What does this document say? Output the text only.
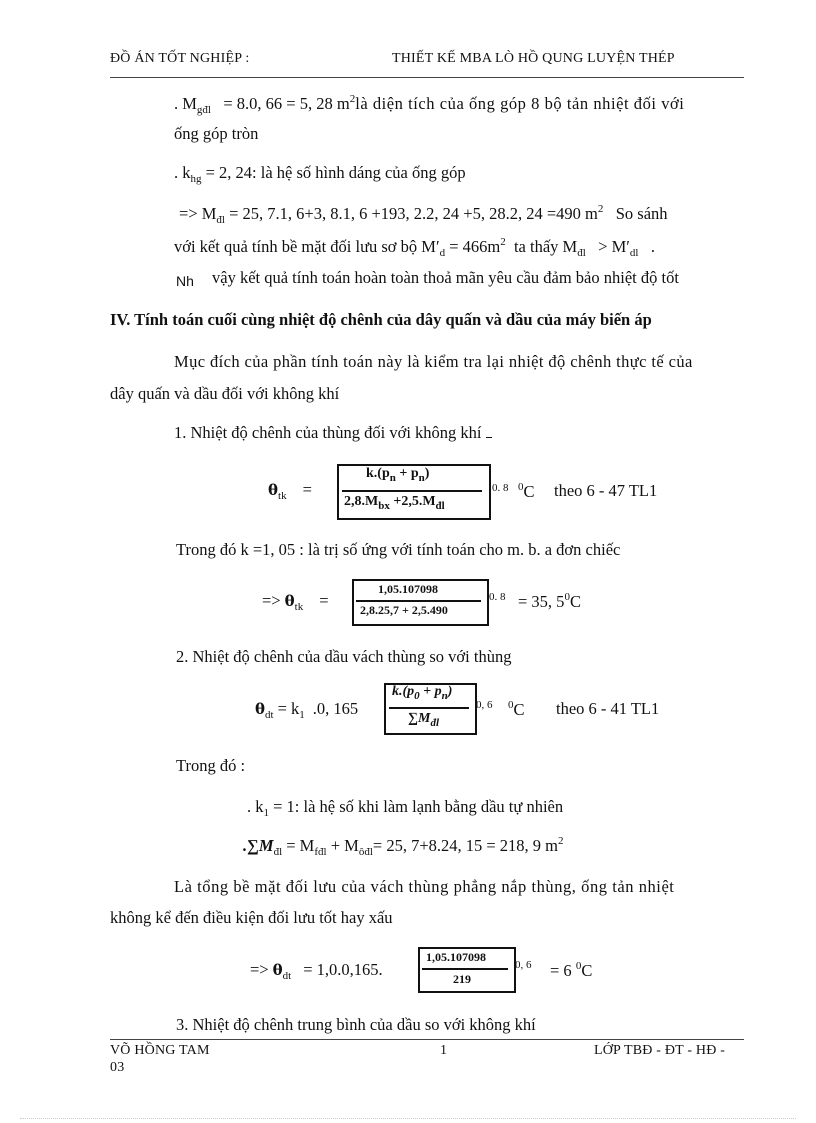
ĐỒ ÁN TỐT NGHIỆP :	THIẾT KẾ MBA LÒ HỒ QUNG LUYỆN THÉP
. $M_{gđl} = 8.0$, 66 = 5, 28 $m^2là$ diện tích của ống góp 8 bộ tản nhiệt đối với
ống góp tròn
. $k_{hg} = 2$, 24: là hệ số hình dáng của ống góp
=> $M_{đl} = 25$, 7.1, 6+3, 8.1, 6 +193, 2.2, 24 +5, 28.2, 24 =490 $m^2$ So sánh
với kết quả tính bề mặt đối lưu sơ bộ $M'_d = 466m^2$ ta thấy $M_{đl} > M'_{dl}$ .
Nh vậy kết quả tính toán hoàn toàn thoả mãn yêu cầu đảm bảo nhiệt độ tốt
IV. Tính toán cuối cùng nhiệt độ chênh của dây quấn và dầu của máy biến áp
Mục đích của phần tính toán này là kiểm tra lại nhiệt độ chênh thực tế của
dây quấn và dầu đối với không khí
1. Nhiệt độ chênh của thùng đối với không khí
$\theta_{tk}$ =
$k.(p_n + p_n)$
$2,8.M_{bx} +2,5.M_{đl}$
0. 8 $^0$C theo 6 - 47 TL1
Trong đó k =1, 05 : là trị số ứng với tính toán cho m. b. a đơn chiếc
=> $\theta_{tk}$ =
1,05.107098
2,8.25,7 + 2,5.490
0. 8 = 35, $5^0C$
2. Nhiệt độ chênh của dầu vách thùng so với thùng
$\theta_{dt} = k_1$ .0, 165
$k.(p_0 + p_n)$
$\sum M_{đl}$
0, 6 $^0$C theo 6 - 41 TL1
Trong đó :
. $k_1 = 1$: là hệ số khi làm lạnh bằng dầu tự nhiên
$.\sum M_{đl} = M_{fđl} + M_{ôđl}= 25$, 7+8.24, 15 = 218, 9 $m^2$
Là tổng bề mặt đối lưu của vách thùng phẳng nắp thùng, ống tản nhiệt
không kể đến điều kiện đối lưu tốt hay xấu
=> $\theta_{dt} = 1,0.0,165$.
1,05.107098
219
0, 6 = 6 $^0$C
3. Nhiệt độ chênh trung bình của dầu so với không khí
VÕ HỒNG TAM
03
1	LỚP TBĐ - ĐT - HĐ -
